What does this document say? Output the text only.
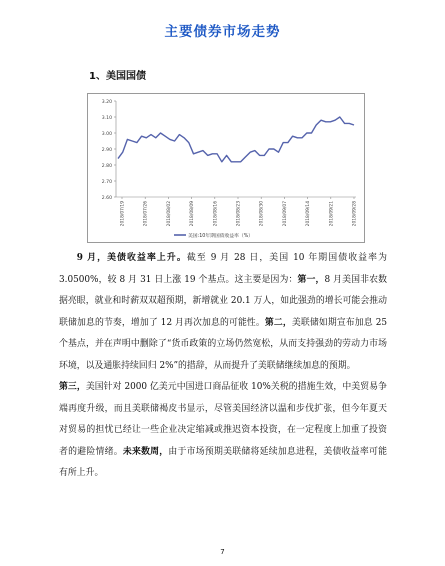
主要债券市场走势
1、美国国债
3.20
3.10
3.00
2.90
2.80
2.70
2.60
2018/07/19	2018/07/26	2018/08/02	2018/08/09	2018/08/16	2018/08/23	2018/08/30	2018/09/07	2018/09/14	2018/09/21	2018/09/28
美国:10年期国债收益率（%）

9 月，美债收益率上升。截至 9 月 28 日，美国 10 年期国债收益率为 3.0500%，较 8 月 31 日上涨 19 个基点。这主要是因为：第一，8 月美国非农数据亮眼，就业和时薪双双超预期，新增就业 20.1 万人，如此强劲的增长可能会推动联储加息的节奏，增加了 12 月再次加息的可能性。第二，美联储如期宣布加息 25 个基点，并在声明中删除了“货币政策的立场仍然宽松，从而支持强劲的劳动力市场环境，以及通胀持续回归 2%”的措辞，从而提升了美联储继续加息的预期。

第三，美国针对 2000 亿美元中国进口商品征收 10%关税的措施生效，中美贸易争端再度升级，而且美联储褐皮书显示，尽管美国经济以温和步伐扩张，但今年夏天对贸易的担忧已经让一些企业决定缩减或推迟资本投资，在一定程度上加重了投资者的避险情绪。未来数周，由于市场预期美联储将延续加息进程，美债收益率可能有所上升。

7
